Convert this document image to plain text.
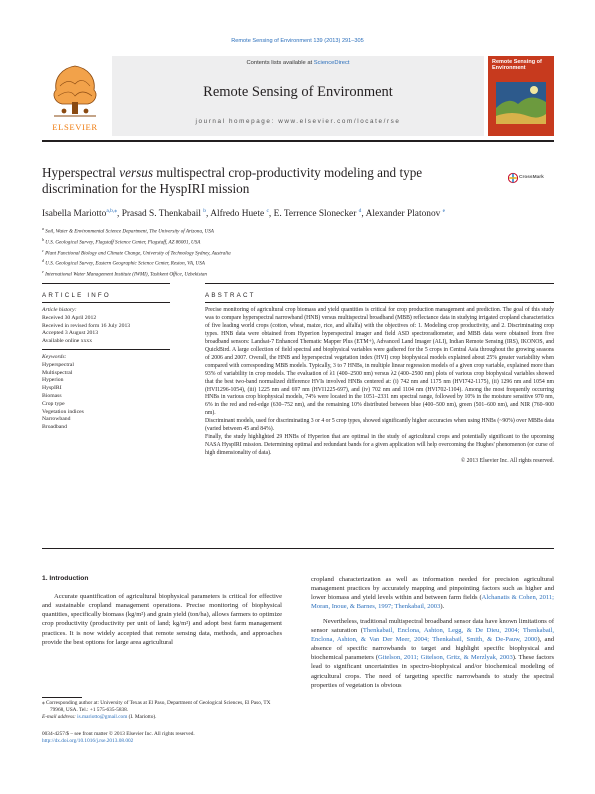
Remote Sensing of Environment 139 (2013) 291–305
ELSEVIER
Contents lists available at ScienceDirect
Remote Sensing of Environment
journal homepage: www.elsevier.com/locate/rse
Remote Sensing of Environment
Hyperspectral versus multispectral crop-productivity modeling and type discrimination for the HyspIRI mission
CrossMark
Isabella Mariotto$^{a,b,⁎}$, Prasad S. Thenkabail $^b$, Alfredo Huete $^c$, E. Terrence Slonecker $^d$, Alexander Platonov $^e$
$^a$ Soil, Water & Environmental Science Department, The University of Arizona, USA
$^b$ U.S. Geological Survey, Flagstaff Science Center, Flagstaff, AZ 86001, USA
$^c$ Plant Functional Biology and Climate Change, University of Technology Sydney, Australia
$^d$ U.S. Geological Survey, Eastern Geographic Science Center, Reston, VA, USA
$^e$ International Water Management Institute (IWMI), Tashkent Office, Uzbekistan
ARTICLE INFO	ABSTRACT
Article history:
Received 30 April 2012
Received in revised form 16 July 2013
Accepted 3 August 2013
Available online xxxx
Keywords:
Hyperspectral
Multispectral
Hyperion
HyspIRI
Biomass
Crop type
Vegetation indices
Narrowband
Broadband

Precise monitoring of agricultural crop biomass and yield quantities is critical for crop production management and prediction. The goal of this study was to compare hyperspectral narrowband (HNB) versus multispectral broadband (MBB) reflectance data in studying irrigated cropland characteristics of five leading world crops (cotton, wheat, maize, rice, and alfalfa) with the objectives of: 1. Modeling crop productivity, and 2. Discriminating crop types. HNB data were obtained from Hyperion hyperspectral imager and field ASD spectroradiometer, and MBB data were obtained from five broadband sensors: Landsat-7 Enhanced Thematic Mapper Plus (ETM+), Advanced Land Imager (ALI), Indian Remote Sensing (IRS), IKONOS, and QuickBird. A large collection of field spectral and biophysical variables were gathered for the 5 crops in Central Asia throughout the growing seasons of 2006 and 2007. Overall, the HNB and hyperspectral vegetation index (HVI) crop biophysical models explained about 25% greater variability when compared with corresponding MBB models. Typically, 3 to 7 HNBs, in multiple linear regression models of a given crop variable, explained more than 93% of variability in crop models. The evaluation of λ1 (400–2500 nm) versus λ2 (400–2500 nm) plots of various crop biophysical variables showed that the best two-band normalized difference HVIs involved HNBs centered at: (i) 742 nm and 1175 nm (HVI742-1175), (ii) 1296 nm and 1054 nm (HVI1296-1054), (iii) 1225 nm and 697 nm (HVI1225-697), and (iv) 702 nm and 1104 nm (HVI702-1104). Among the most frequently occurring HNBs in various crop biophysical models, 74% were located in the 1051–2331 nm spectral range, followed by 10% in the moisture sensitive 970 nm, 6% in the red and red-edge (630–752 nm), and the remaining 10% distributed between blue (400–500 nm), green (501–600 nm), and NIR (760–900 nm).

Discriminant models, used for discriminating 3 or 4 or 5 crop types, showed significantly higher accuracies when using HNBs (~90%) over MBBs data (varied between 45 and 84%).

Finally, the study highlighted 29 HNBs of Hyperion that are optimal in the study of agricultural crops and potentially significant to the upcoming NASA HyspIRI mission. Determining optimal and redundant bands for a given application will help overcoming the Hughes' phenomenon (or curse of high dimensionality of data).

© 2013 Elsevier Inc. All rights reserved.

1. Introduction

Accurate quantification of agricultural biophysical parameters is critical for effective and sustainable cropland management operations. Precise monitoring of biophysical quantities, specifically biomass (kg/m²) and grain yield (ton/ha), allows farmers to optimize crop productivity (productivity per unit of land; kg/m²) and adopt best farm management practices. It is now widely accepted that remote sensing data, methods, and approaches provide the best options for large area agricultural

cropland characterization as well as information needed for precision agricultural management practices by accurately mapping and pinpointing factors such as higher and lower biomass and yield levels within and between farm fields (Alchanatis & Cohen, 2011; Moran, Inoue, & Barnes, 1997; Thenkabail, 2003).

Nevertheless, traditional multispectral broadband sensor data have known limitations of sensor saturation (Thenkabail, Enclona, Ashton, Legg, & De Dieu, 2004; Thenkabail, Enclona, Ashton, & Van Der Meer, 2004; Thenkabail, Smith, & De-Pauw, 2000), and absence of specific narrowbands to target and highlight specific biophysical and biochemical parameters (Gitelson, 2011; Gitelson, Gritz, & Merzlyak, 2003). These factors lead to significant uncertainties in spectro-biophysical and/or biochemical modeling of agricultural crops. The need of targeting specific narrowbands to study the spectral properties of vegetation is obvious

⁎ Corresponding author at: University of Texas at El Paso, Department of Geological Sciences, El Paso, TX 79968, USA. Tel.: +1 575-635-5838.

E-mail address: is.mariotto@gmail.com (I. Mariotto).

0034-4257/$ – see front matter © 2013 Elsevier Inc. All rights reserved.
http://dx.doi.org/10.1016/j.rse.2013.08.002
